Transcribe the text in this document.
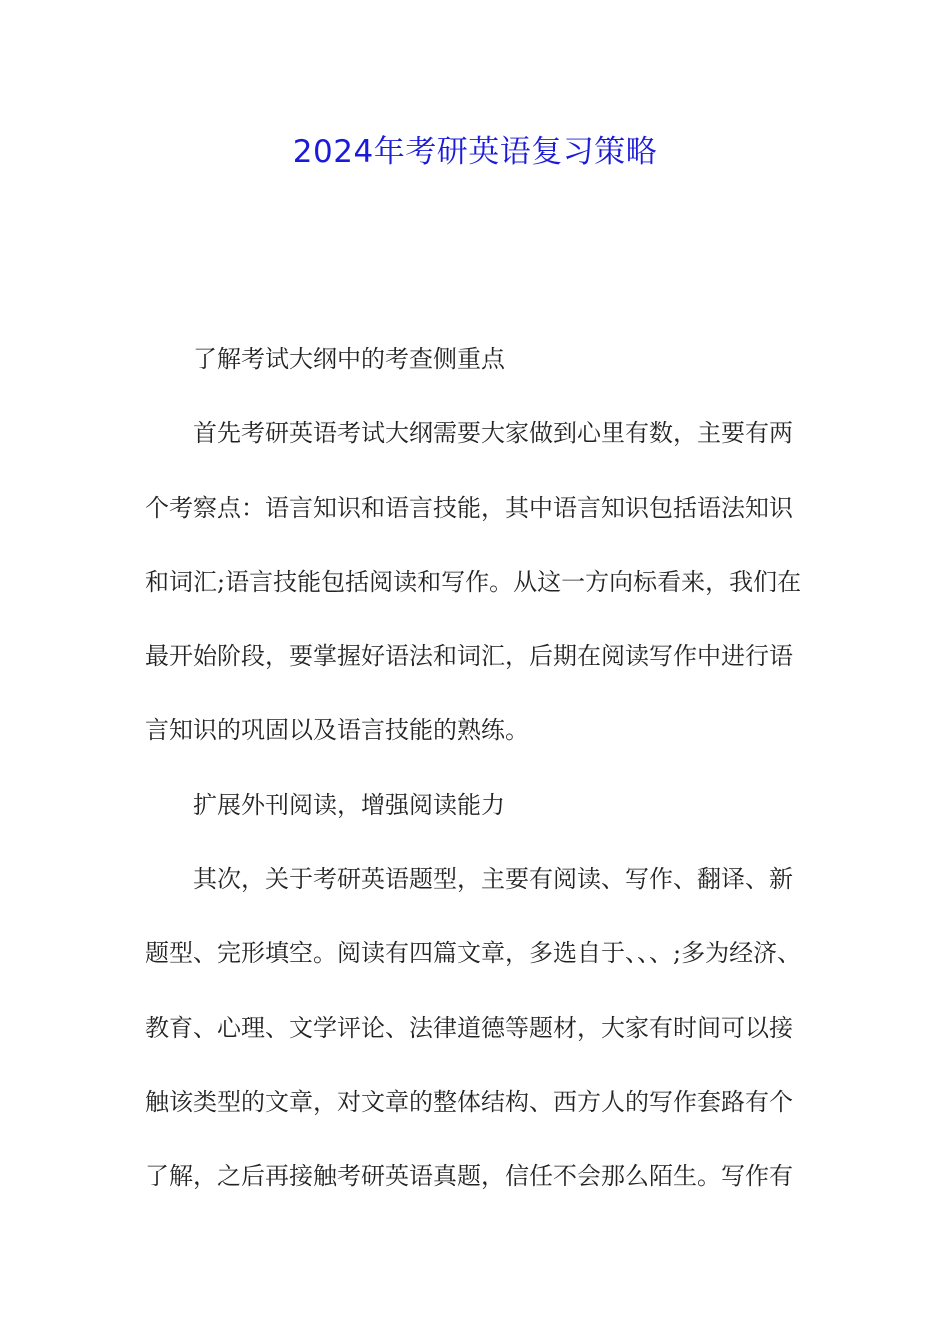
2024年考研英语复习策略
了解考试大纲中的考查侧重点
首先考研英语考试大纲需要大家做到心里有数，主要有两
个考察点：语言知识和语言技能，其中语言知识包括语法知识
和词汇;语言技能包括阅读和写作。从这一方向标看来，我们在
最开始阶段，要掌握好语法和词汇，后期在阅读写作中进行语
言知识的巩固以及语言技能的熟练。
扩展外刊阅读，增强阅读能力
其次，关于考研英语题型，主要有阅读、写作、翻译、新
题型、完形填空。阅读有四篇文章，多选自于、、、;多为经济、
教育、心理、文学评论、法律道德等题材，大家有时间可以接
触该类型的文章，对文章的整体结构、西方人的写作套路有个
了解，之后再接触考研英语真题，信任不会那么陌生。写作有
